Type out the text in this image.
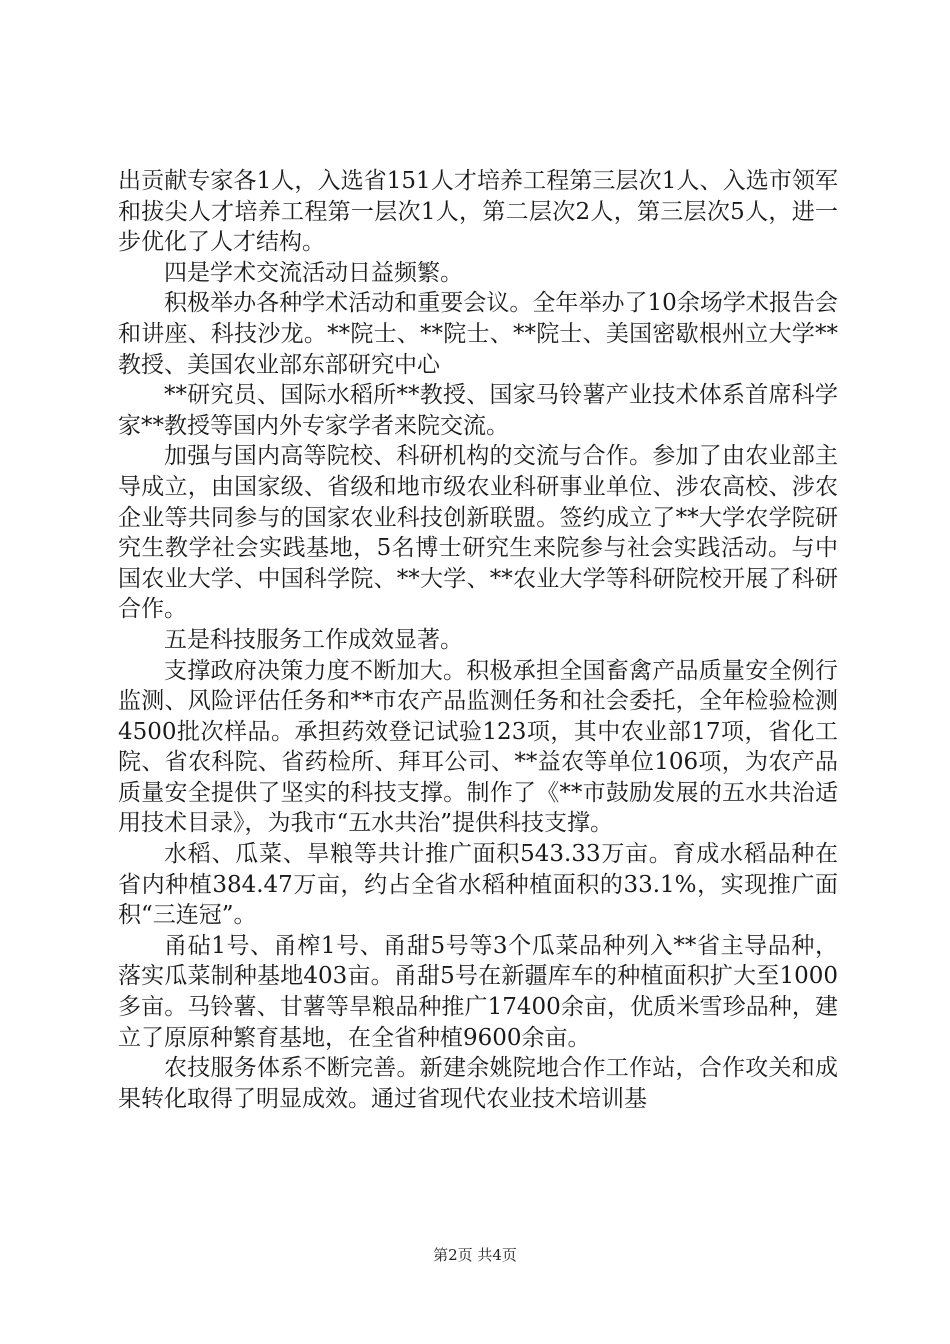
出贡献专家各1人，入选省151人才培养工程第三层次1人、入选市领军和拔尖人才培养工程第一层次1人，第二层次2人，第三层次5人，进一步优化了人才结构。

四是学术交流活动日益频繁。

积极举办各种学术活动和重要会议。全年举办了10余场学术报告会和讲座、科技沙龙。**院士、**院士、**院士、美国密歇根州立大学**教授、美国农业部东部研究中心

**研究员、国际水稻所**教授、国家马铃薯产业技术体系首席科学家**教授等国内外专家学者来院交流。

加强与国内高等院校、科研机构的交流与合作。参加了由农业部主导成立，由国家级、省级和地市级农业科研事业单位、涉农高校、涉农企业等共同参与的国家农业科技创新联盟。签约成立了**大学农学院研究生教学社会实践基地，5名博士研究生来院参与社会实践活动。与中国农业大学、中国科学院、**大学、**农业大学等科研院校开展了科研合作。

五是科技服务工作成效显著。

支撑政府决策力度不断加大。积极承担全国畜禽产品质量安全例行监测、风险评估任务和**市农产品监测任务和社会委托，全年检验检测4500批次样品。承担药效登记试验123项，其中农业部17项，省化工院、省农科院、省药检所、拜耳公司、**益农等单位106项，为农产品质量安全提供了坚实的科技支撑。制作了《**市鼓励发展的五水共治适用技术目录》，为我市“五水共治”提供科技支撑。

水稻、瓜菜、旱粮等共计推广面积543.33万亩。育成水稻品种在省内种植384.47万亩，约占全省水稻种植面积的33.1%，实现推广面积“三连冠”。

甬砧1号、甬榨1号、甬甜5号等3个瓜菜品种列入**省主导品种，落实瓜菜制种基地403亩。甬甜5号在新疆库车的种植面积扩大至1000多亩。马铃薯、甘薯等旱粮品种推广17400余亩，优质米雪珍品种，建立了原原种繁育基地，在全省种植9600余亩。

农技服务体系不断完善。新建余姚院地合作工作站，合作攻关和成果转化取得了明显成效。通过省现代农业技术培训基

第2页 共4页
